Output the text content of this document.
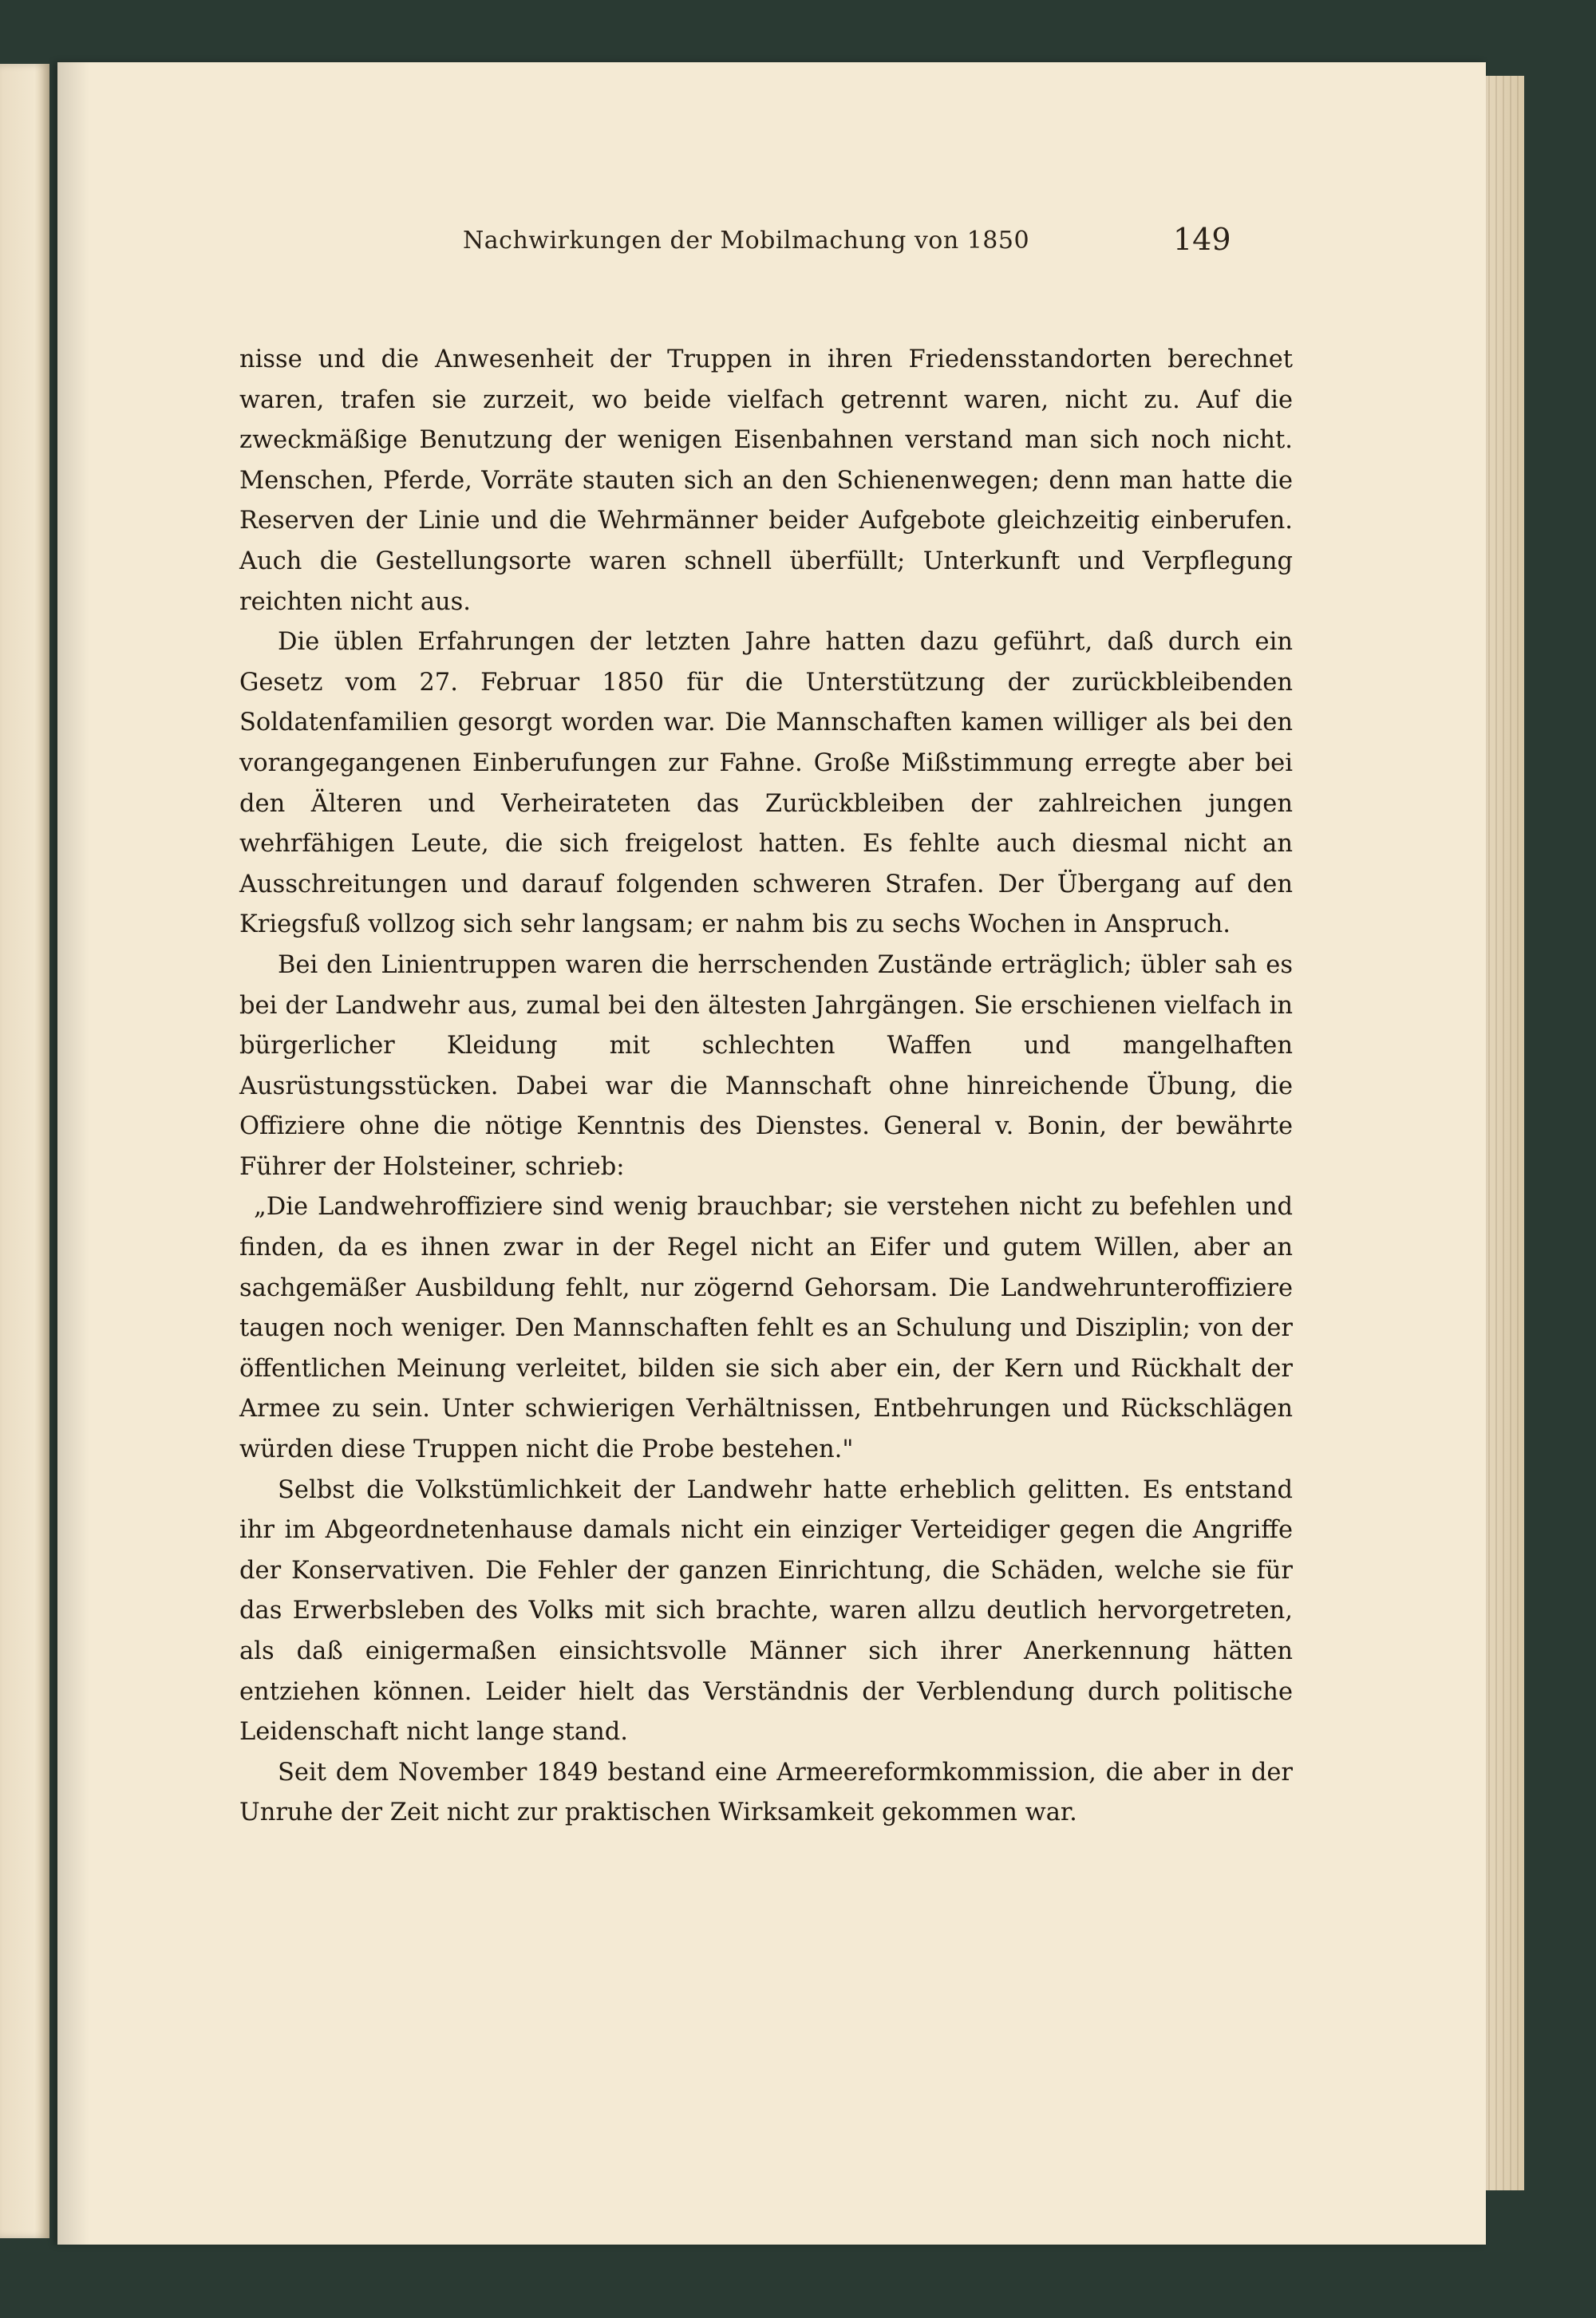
Nachwirkungen der Mobilmachung von 1850	149

nisse und die Anwesenheit der Truppen in ihren Friedensstandorten berechnet waren, trafen sie zurzeit, wo beide vielfach getrennt waren, nicht zu. Auf die zweckmäßige Benutzung der wenigen Eisenbahnen verstand man sich noch nicht. Menschen, Pferde, Vorräte stauten sich an den Schienenwegen; denn man hatte die Reserven der Linie und die Wehrmänner beider Aufgebote gleichzeitig einberufen. Auch die Gestellungsorte waren schnell überfüllt; Unterkunft und Verpflegung reichten nicht aus.

Die üblen Erfahrungen der letzten Jahre hatten dazu geführt, daß durch ein Gesetz vom 27. Februar 1850 für die Unterstützung der zurückbleibenden Soldatenfamilien gesorgt worden war. Die Mannschaften kamen williger als bei den vorangegangenen Einberufungen zur Fahne. Große Mißstimmung erregte aber bei den Älteren und Verheirateten das Zurückbleiben der zahlreichen jungen wehrfähigen Leute, die sich freigelost hatten. Es fehlte auch diesmal nicht an Ausschreitungen und darauf folgenden schweren Strafen. Der Übergang auf den Kriegsfuß vollzog sich sehr langsam; er nahm bis zu sechs Wochen in Anspruch.

Bei den Linientruppen waren die herrschenden Zustände erträglich; übler sah es bei der Landwehr aus, zumal bei den ältesten Jahrgängen. Sie erschienen vielfach in bürgerlicher Kleidung mit schlechten Waffen und mangelhaften Ausrüstungsstücken. Dabei war die Mannschaft ohne hinreichende Übung, die Offiziere ohne die nötige Kenntnis des Dienstes. General v. Bonin, der bewährte Führer der Holsteiner, schrieb:

„Die Landwehroffiziere sind wenig brauchbar; sie verstehen nicht zu befehlen und finden, da es ihnen zwar in der Regel nicht an Eifer und gutem Willen, aber an sachgemäßer Ausbildung fehlt, nur zögernd Gehorsam. Die Landwehrunteroffiziere taugen noch weniger. Den Mannschaften fehlt es an Schulung und Disziplin; von der öffentlichen Meinung verleitet, bilden sie sich aber ein, der Kern und Rückhalt der Armee zu sein. Unter schwierigen Verhältnissen, Entbehrungen und Rückschlägen würden diese Truppen nicht die Probe bestehen."

Selbst die Volkstümlichkeit der Landwehr hatte erheblich gelitten. Es entstand ihr im Abgeordnetenhause damals nicht ein einziger Verteidiger gegen die Angriffe der Konservativen. Die Fehler der ganzen Einrichtung, die Schäden, welche sie für das Erwerbsleben des Volks mit sich brachte, waren allzu deutlich hervorgetreten, als daß einigermaßen einsichtsvolle Männer sich ihrer Anerkennung hätten entziehen können. Leider hielt das Verständnis der Verblendung durch politische Leidenschaft nicht lange stand.

Seit dem November 1849 bestand eine Armeereformkommission, die aber in der Unruhe der Zeit nicht zur praktischen Wirksamkeit gekommen war.
